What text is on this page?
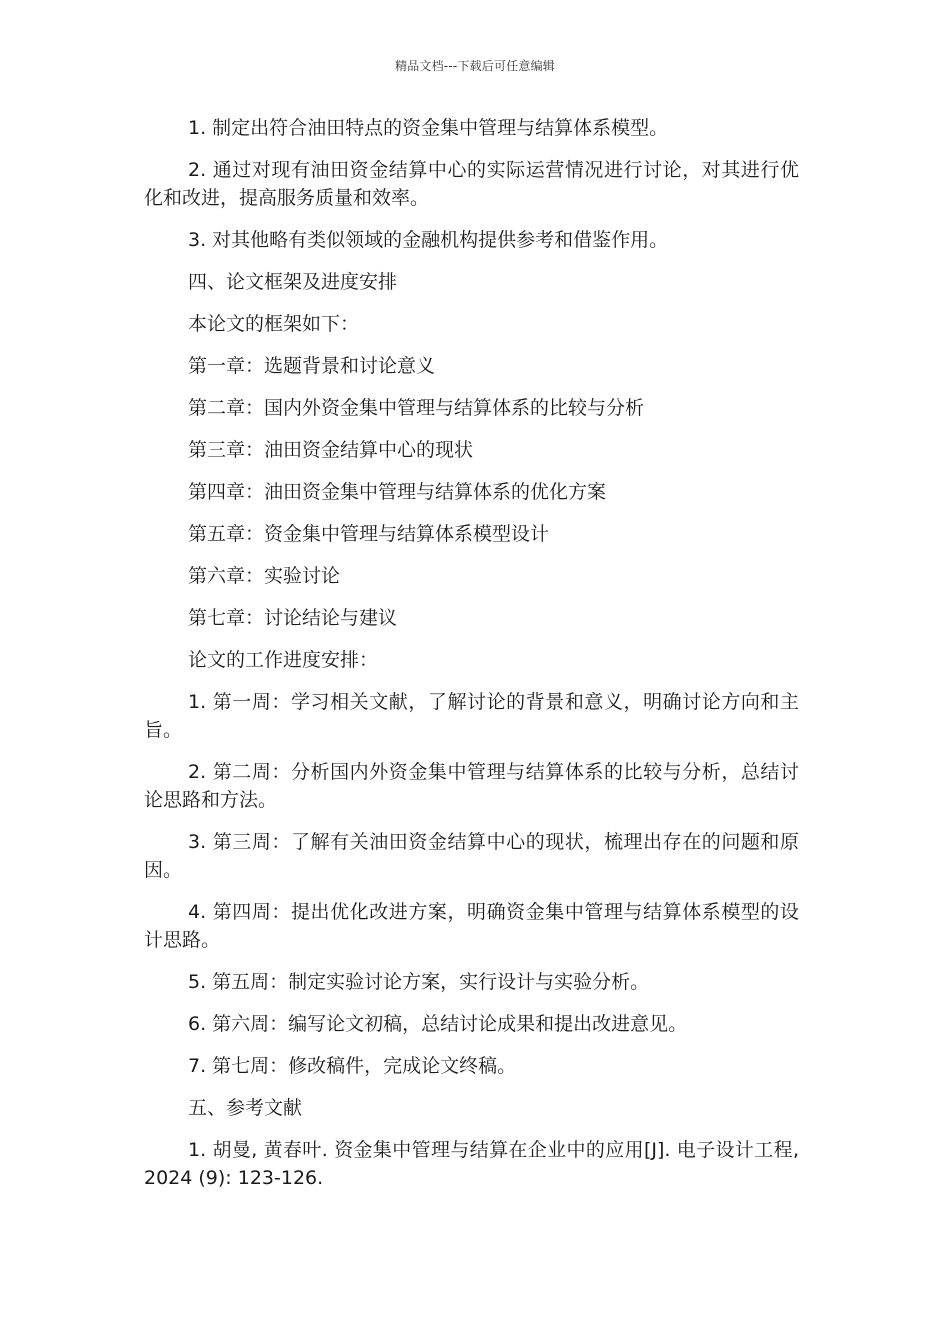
精品文档---下载后可任意编辑

1. 制定出符合油田特点的资金集中管理与结算体系模型。

2. 通过对现有油田资金结算中心的实际运营情况进行讨论，对其进行优化和改进，提高服务质量和效率。

3. 对其他略有类似领域的金融机构提供参考和借鉴作用。

四、论文框架及进度安排

本论文的框架如下：

第一章：选题背景和讨论意义

第二章：国内外资金集中管理与结算体系的比较与分析

第三章：油田资金结算中心的现状

第四章：油田资金集中管理与结算体系的优化方案

第五章：资金集中管理与结算体系模型设计

第六章：实验讨论

第七章：讨论结论与建议

论文的工作进度安排：

1. 第一周：学习相关文献，了解讨论的背景和意义，明确讨论方向和主旨。

2. 第二周：分析国内外资金集中管理与结算体系的比较与分析，总结讨论思路和方法。

3. 第三周：了解有关油田资金结算中心的现状，梳理出存在的问题和原因。

4. 第四周：提出优化改进方案，明确资金集中管理与结算体系模型的设计思路。

5. 第五周：制定实验讨论方案，实行设计与实验分析。

6. 第六周：编写论文初稿，总结讨论成果和提出改进意见。

7. 第七周：修改稿件，完成论文终稿。

五、参考文献

1. 胡曼, 黄春叶. 资金集中管理与结算在企业中的应用[J]. 电子设计工程, 2024 (9): 123-126.
